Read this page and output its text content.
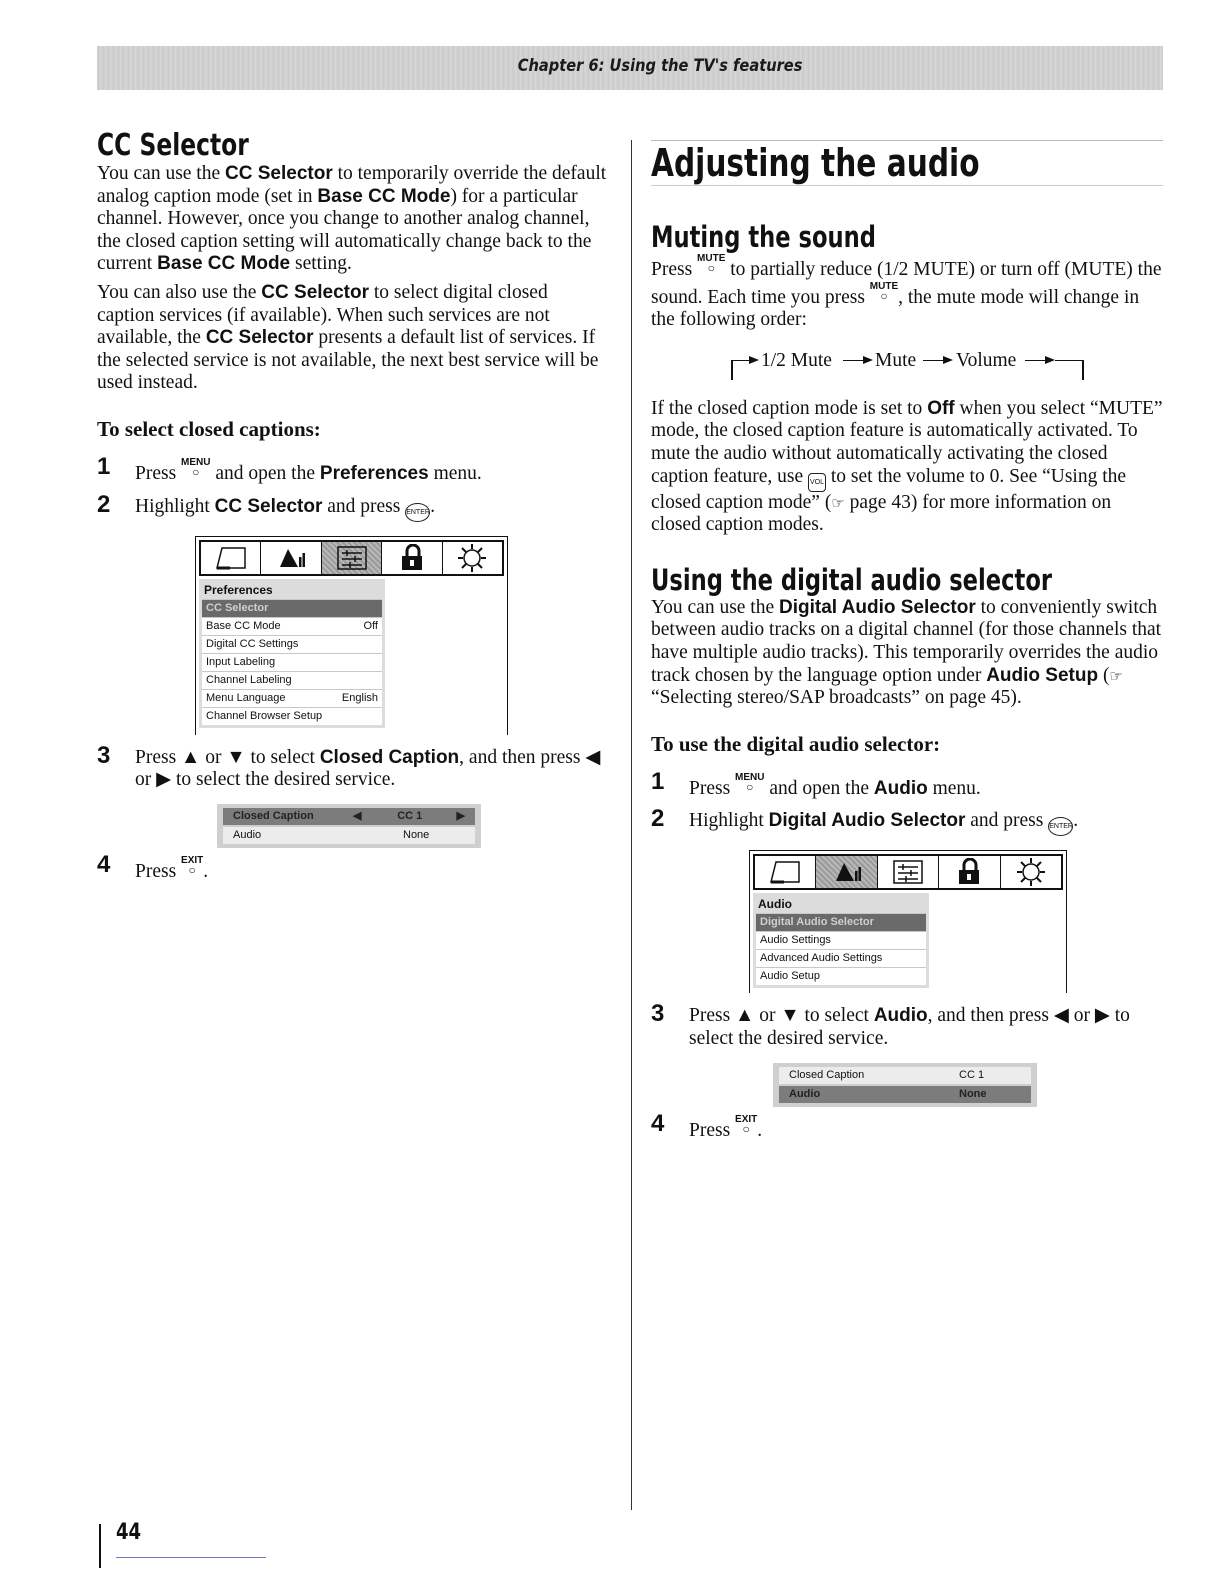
Chapter 6: Using the TV's features
CC Selector

You can use the CC Selector to temporarily override the default analog caption mode (set in Base CC Mode) for a particular channel. However, once you change to another analog channel, the closed caption setting will automatically change back to the current Base CC Mode setting.

You can also use the CC Selector to select digital closed caption services (if available). When such services are not available, the CC Selector presents a default list of services. If the selected service is not available, the next best service will be used instead.

To select closed captions:
1 Press MENU
○ and open the Preferences menu.
2 Highlight CC Selector and press ENTER.
Preferences
CC Selector
Base CC Mode	Off
Digital CC Settings
Input Labeling
Channel Labeling
Menu Language	English
Channel Browser Setup
3 Press ▲ or ▼ to select Closed Caption, and then press ◀ or ▶ to select the desired service.
Closed Caption	◀	CC 1	▶
Audio	None
4 Press EXIT
○ .
Adjusting the audio
Muting the sound

Press MUTE
○ to partially reduce (1/2 MUTE) or turn off (MUTE) the sound. Each time you press MUTE
○ , the mute mode will change in the following order:

1/2 Mute Mute Volume

If the closed caption mode is set to Off when you select “MUTE” mode, the closed caption feature is automatically activated. To mute the audio without automatically activating the closed caption feature, use VOL to set the volume to 0. See “Using the closed caption mode” (☞ page 43) for more information on closed caption modes.

Using the digital audio selector

You can use the Digital Audio Selector to conveniently switch between audio tracks on a digital channel (for those channels that have multiple audio tracks). This temporarily overrides the audio track chosen by the language option under Audio Setup (☞ “Selecting stereo/SAP broadcasts” on page 45).

To use the digital audio selector:
1 Press MENU
○ and open the Audio menu.
2 Highlight Digital Audio Selector and press ENTER.
Audio
Digital Audio Selector
Audio Settings
Advanced Audio Settings
Audio Setup
3 Press ▲ or ▼ to select Audio, and then press ◀ or ▶ to select the desired service.
Closed Caption	CC 1
Audio	None
4 Press EXIT
○ .
44
